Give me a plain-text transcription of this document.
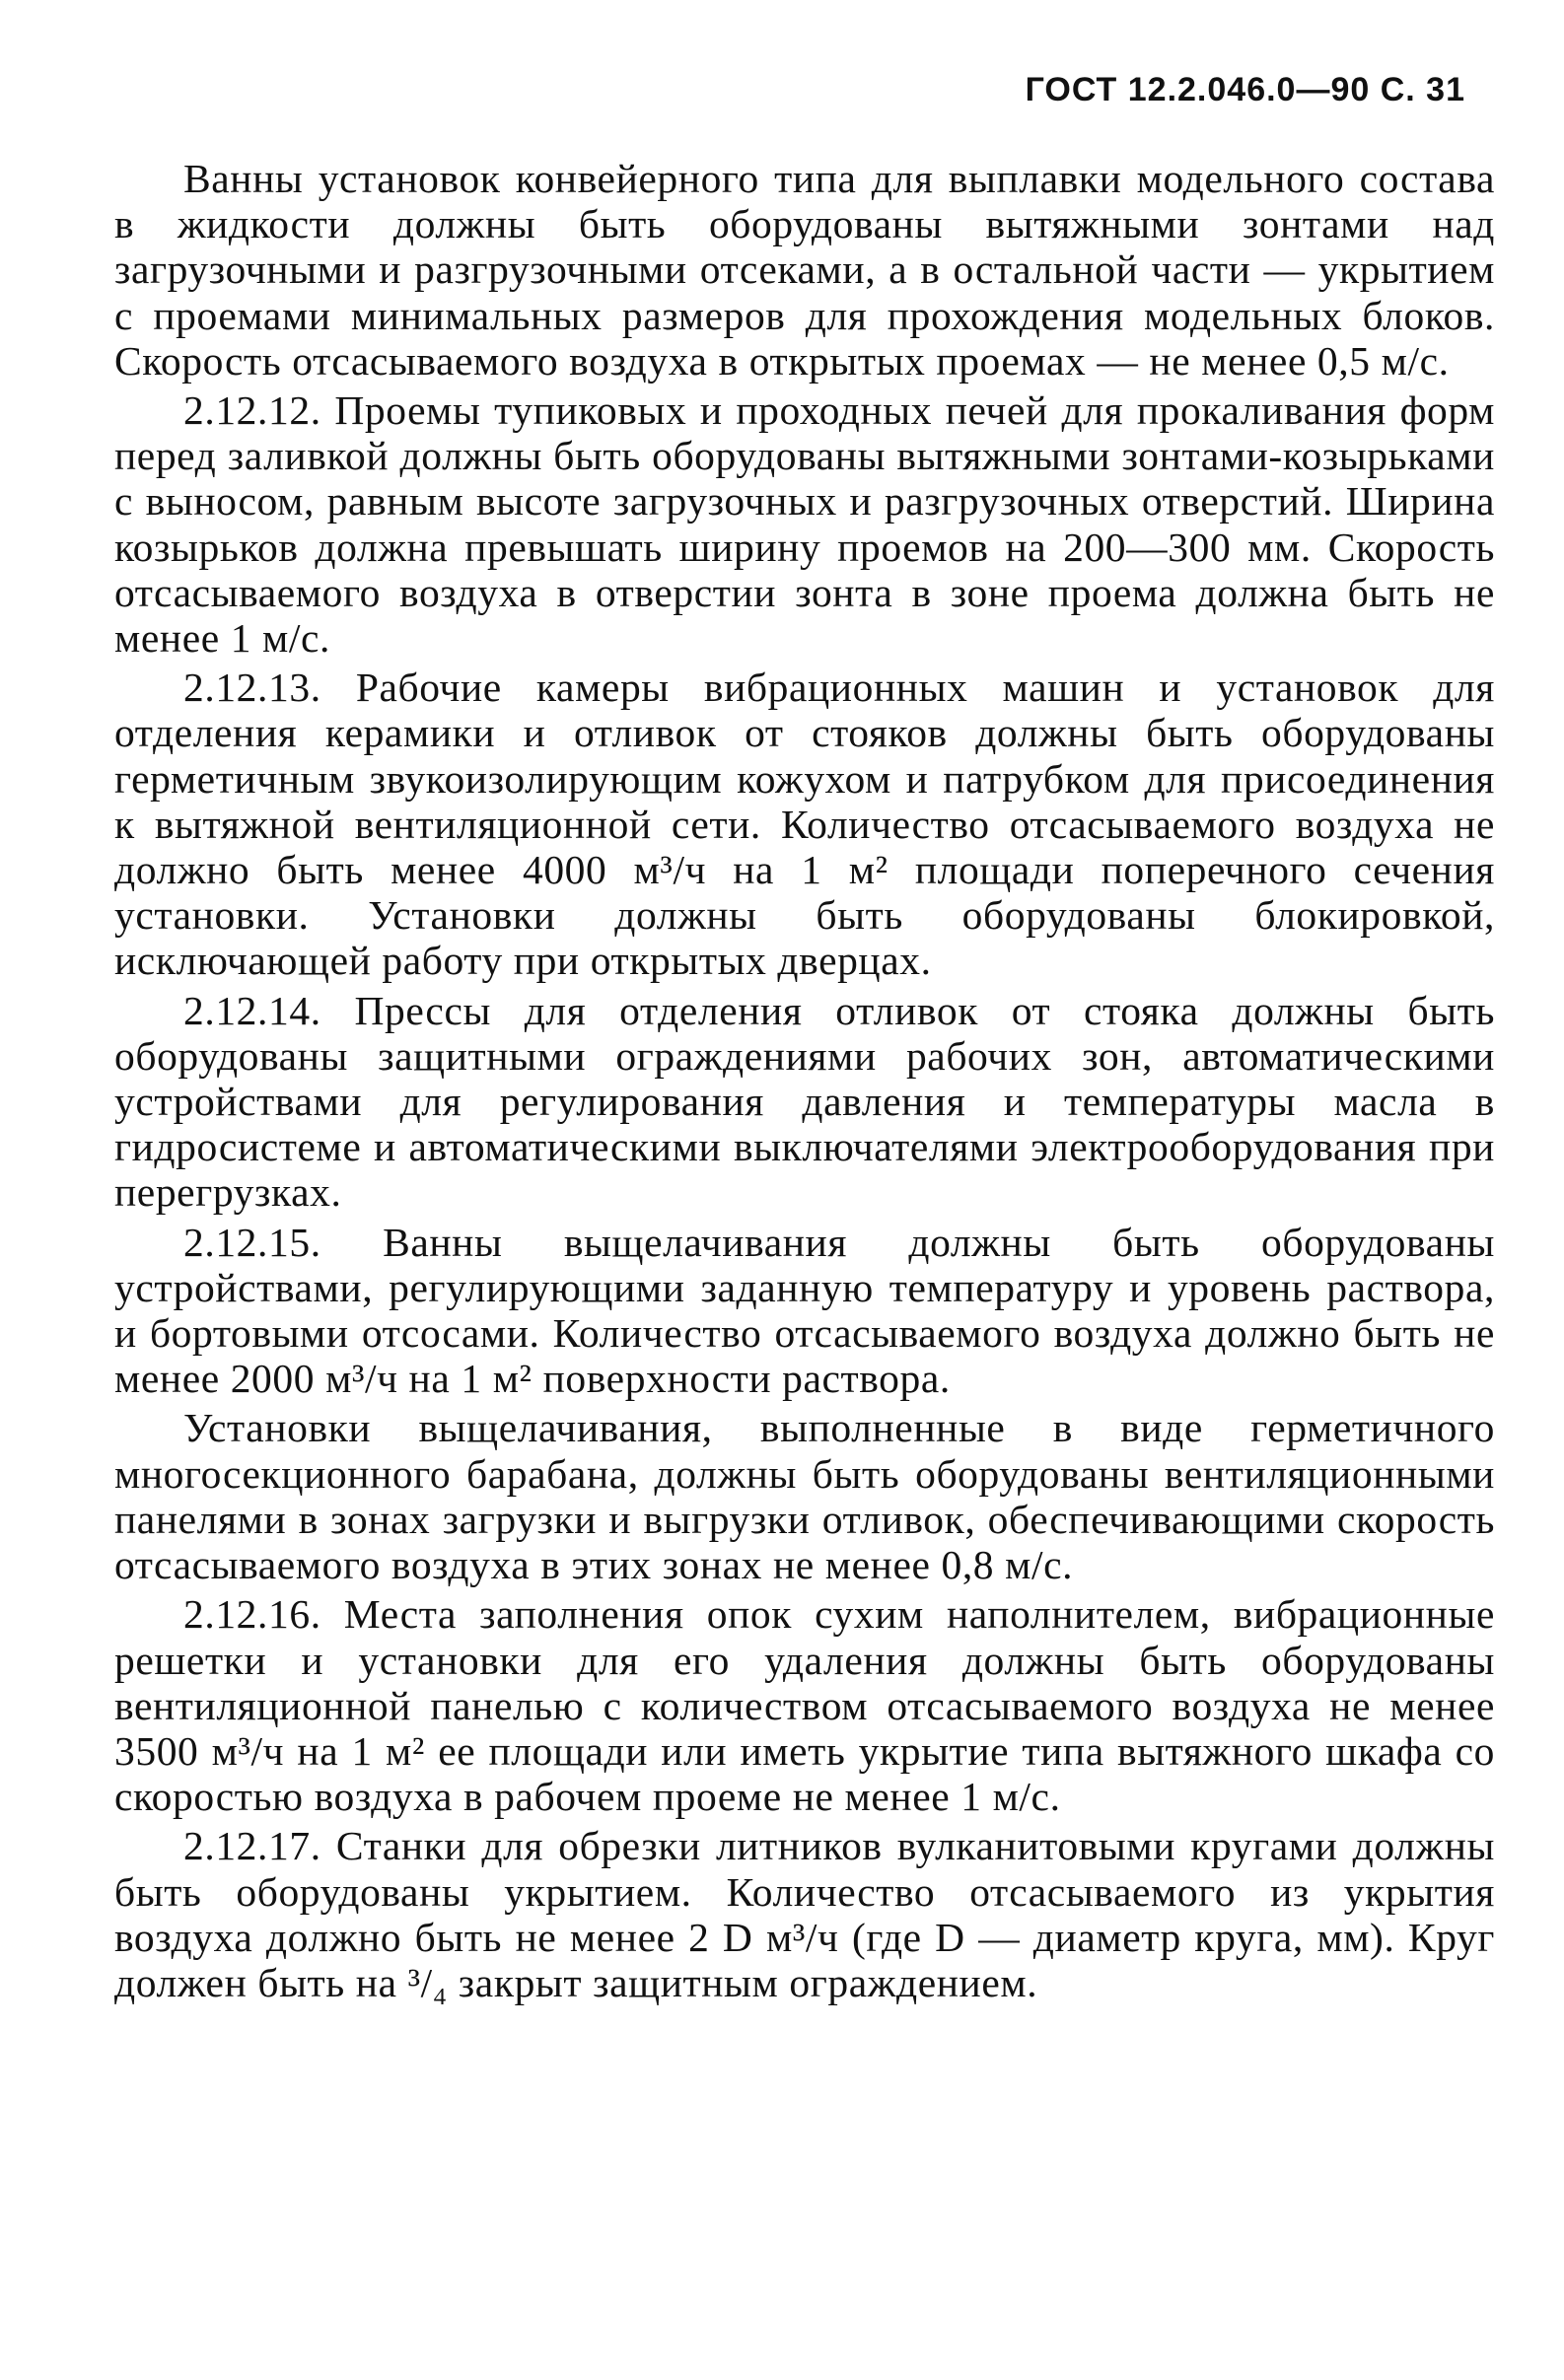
ГОСТ 12.2.046.0—90 С. 31

Ванны установок конвейерного типа для выплавки модельного состава в жидкости должны быть оборудованы вытяжными зонтами над загрузочными и разгрузочными отсеками, а в остальной части — укрытием с проемами минимальных размеров для прохождения модельных блоков. Скорость отсасываемого воздуха в открытых проемах — не менее 0,5 м/с.

2.12.12. Проемы тупиковых и проходных печей для прокаливания форм перед заливкой должны быть оборудованы вытяжными зонтами-козырьками с выносом, равным высоте загрузочных и разгрузочных отверстий. Ширина козырьков должна превышать ширину проемов на 200—300 мм. Скорость отсасываемого воздуха в отверстии зонта в зоне проема должна быть не менее 1 м/с.

2.12.13. Рабочие камеры вибрационных машин и установок для отделения керамики и отливок от стояков должны быть оборудованы герметичным звукоизолирующим кожухом и патрубком для присоединения к вытяжной вентиляционной сети. Количество отсасываемого воздуха не должно быть менее 4000 м³/ч на 1 м² площади поперечного сечения установки. Установки должны быть оборудованы блокировкой, исключающей работу при открытых дверцах.

2.12.14. Прессы для отделения отливок от стояка должны быть оборудованы защитными ограждениями рабочих зон, автоматическими устройствами для регулирования давления и температуры масла в гидросистеме и автоматическими выключателями электрооборудования при перегрузках.

2.12.15. Ванны выщелачивания должны быть оборудованы устройствами, регулирующими заданную температуру и уровень раствора, и бортовыми отсосами. Количество отсасываемого воздуха должно быть не менее 2000 м³/ч на 1 м² поверхности раствора.

Установки выщелачивания, выполненные в виде герметичного многосекционного барабана, должны быть оборудованы вентиляционными панелями в зонах загрузки и выгрузки отливок, обеспечивающими скорость отсасываемого воздуха в этих зонах не менее 0,8 м/с.

2.12.16. Места заполнения опок сухим наполнителем, вибрационные решетки и установки для его удаления должны быть оборудованы вентиляционной панелью с количеством отсасываемого воздуха не менее 3500 м³/ч на 1 м² ее площади или иметь укрытие типа вытяжного шкафа со скоростью воздуха в рабочем проеме не менее 1 м/с.

2.12.17. Станки для обрезки литников вулканитовыми кругами должны быть оборудованы укрытием. Количество отсасываемого из укрытия воздуха должно быть не менее 2 D м³/ч (где D — диаметр круга, мм). Круг должен быть на ³/₄ закрыт защитным ограждением.
